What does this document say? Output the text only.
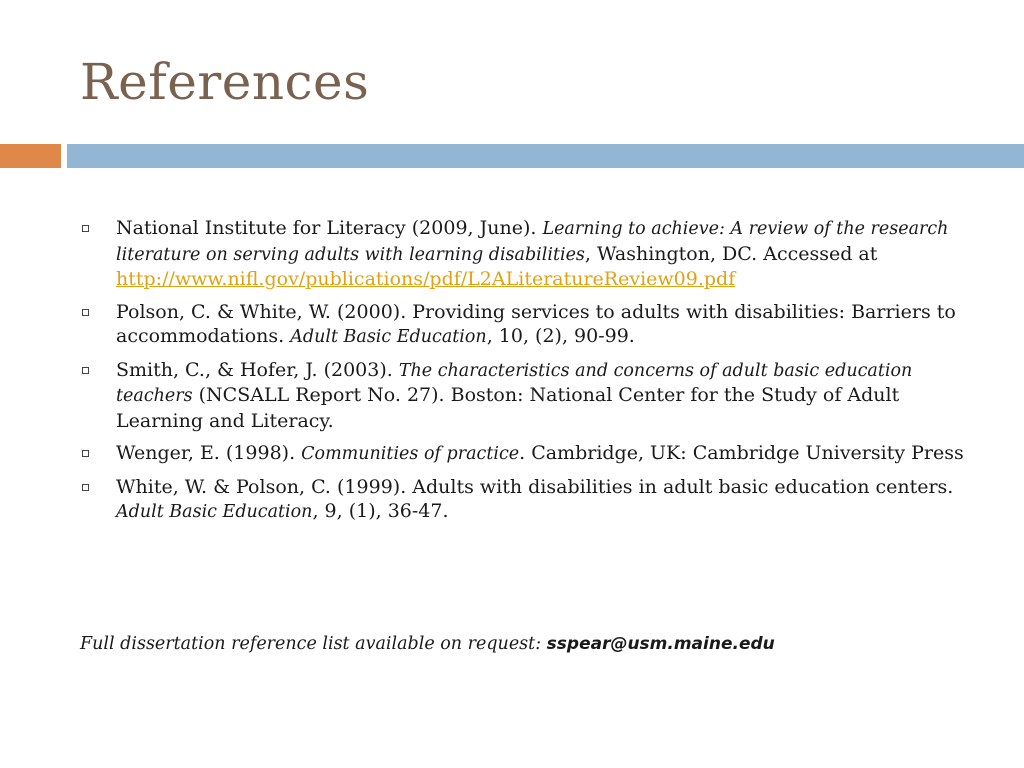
References
National Institute for Literacy (2009, June). Learning to achieve: A review of the research literature on serving adults with learning disabilities, Washington, DC. Accessed at http://www.nifl.gov/publications/pdf/L2ALiteratureReview09.pdf
Polson, C. & White, W. (2000). Providing services to adults with disabilities: Barriers to accommodations. Adult Basic Education, 10, (2), 90-99.
Smith, C., & Hofer, J. (2003). The characteristics and concerns of adult basic education teachers (NCSALL Report No. 27). Boston: National Center for the Study of Adult Learning and Literacy.
Wenger, E. (1998). Communities of practice. Cambridge, UK: Cambridge University Press
White, W. & Polson, C. (1999). Adults with disabilities in adult basic education centers. Adult Basic Education, 9, (1), 36-47.
Full dissertation reference list available on request: sspear@usm.maine.edu
